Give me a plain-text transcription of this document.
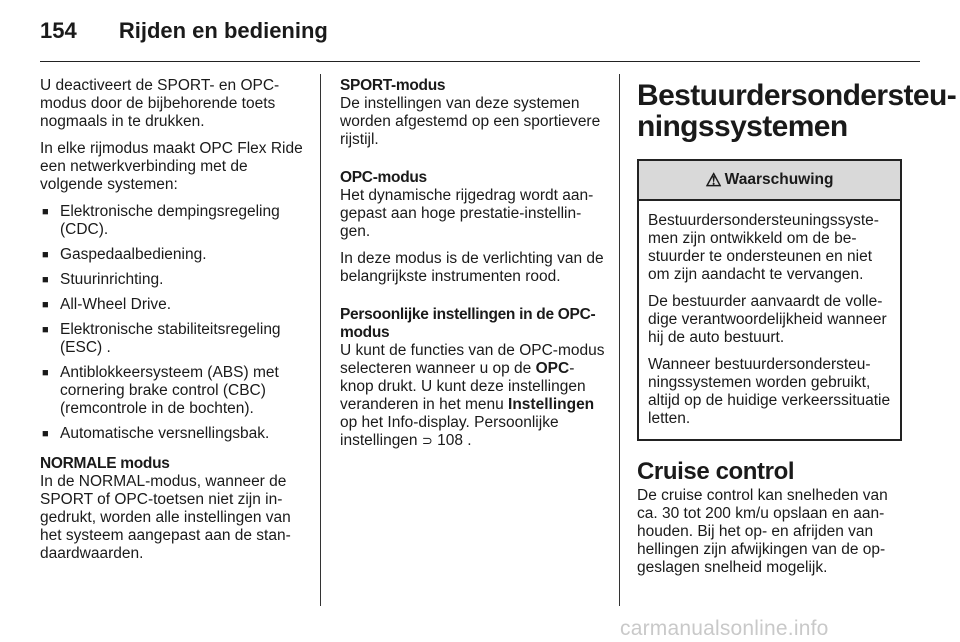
154 Rijden en bediening

U deactiveert de SPORT- en OPC-modus door de bijbehorende toets nogmaals in te drukken.

In elke rijmodus maakt OPC Flex Ride een netwerkverbinding met de volgende systemen:

■ Elektronische dempingsregeling (CDC).
■ Gaspedaalbediening.
■ Stuurinrichting.
■ All-Wheel Drive.
■ Elektronische stabiliteitsregeling (ESC) .
■ Antiblokkeersysteem (ABS) met cornering brake control (CBC) (remcontrole in de bochten).
■ Automatische versnellingsbak.
NORMALE modus

In de NORMAL-modus, wanneer de SPORT of OPC-toetsen niet zijn ingedrukt, worden alle instellingen van het systeem aangepast aan de standaardwaarden.

SPORT-modus

De instellingen van deze systemen worden afgestemd op een sportievere rijstijl.

OPC-modus

Het dynamische rijgedrag wordt aangepast aan hoge prestatie-instellingen.

In deze modus is de verlichting van de belangrijkste instrumenten rood.

Persoonlijke instellingen in de OPC-modus

U kunt de functies van de OPC-modus selecteren wanneer u op de OPC-knop drukt. U kunt deze instellingen veranderen in het menu Instellingen op het Info-display. Persoonlijke instellingen ⊃ 108 .

Bestuurdersondersteuningssystemen
⚠ Waarschuwing

Bestuurdersondersteuningssystemen zijn ontwikkeld om de bestuurder te ondersteunen en niet om zijn aandacht te vervangen.

De bestuurder aanvaardt de volledige verantwoordelijkheid wanneer hij de auto bestuurt.

Wanneer bestuurdersondersteuningssystemen worden gebruikt, altijd op de huidige verkeerssituatie letten.

Cruise control

De cruise control kan snelheden van ca. 30 tot 200 km/u opslaan en aanhouden. Bij het op- en afrijden van hellingen zijn afwijkingen van de opgeslagen snelheid mogelijk.

carmanualsonline.info
